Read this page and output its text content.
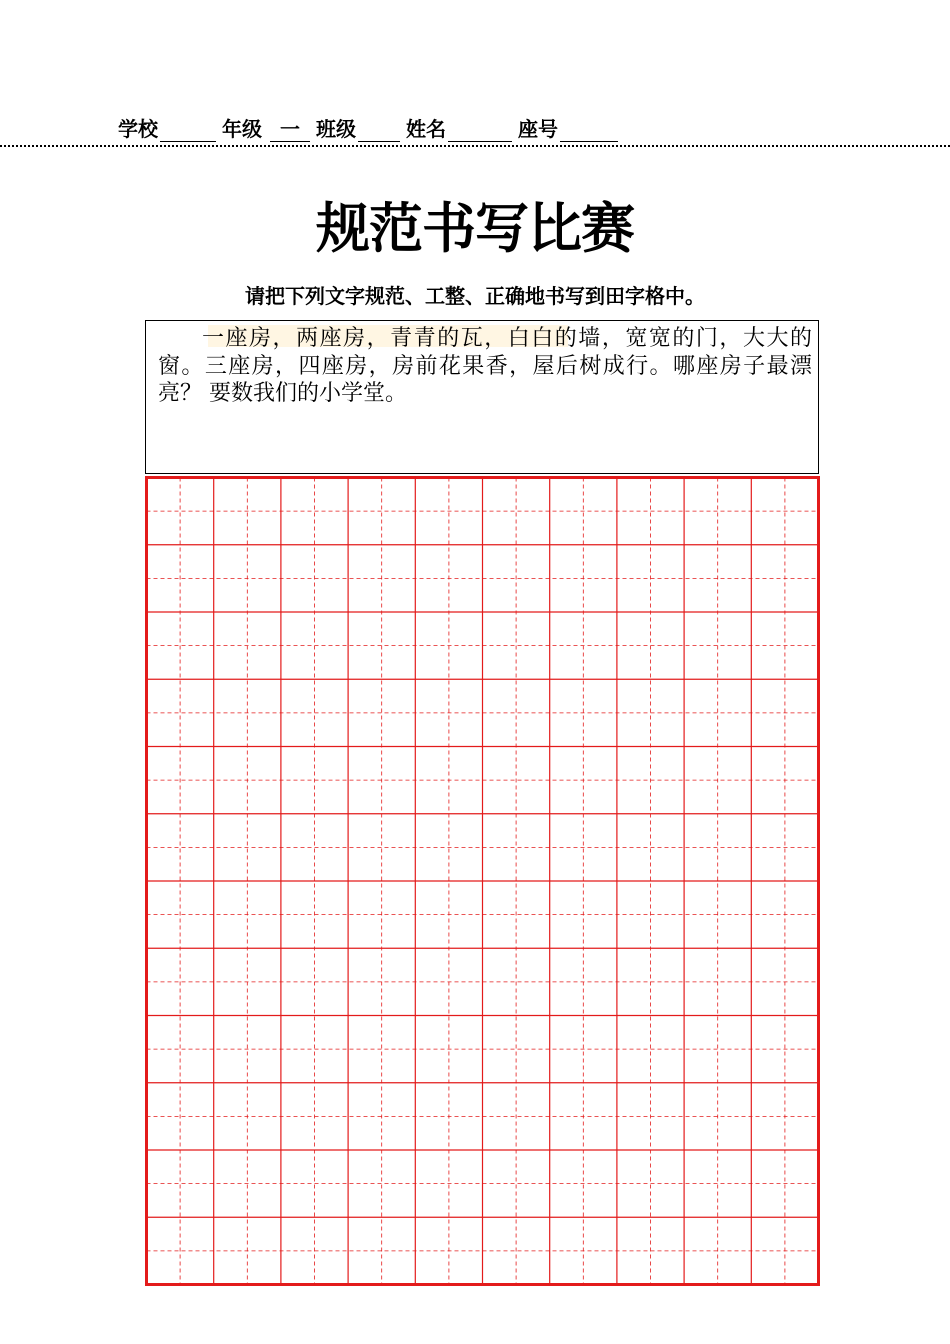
学校	年级 一 班级	姓名	座号
规范书写比赛
请把下列文字规范、工整、正确地书写到田字格中。
一座房，两座房，青青的瓦，白白的墙，宽宽的门，大大的窗。三座房，四座房，房前花果香，屋后树成行。哪座房子最漂亮？ 要数我们的小学堂。
